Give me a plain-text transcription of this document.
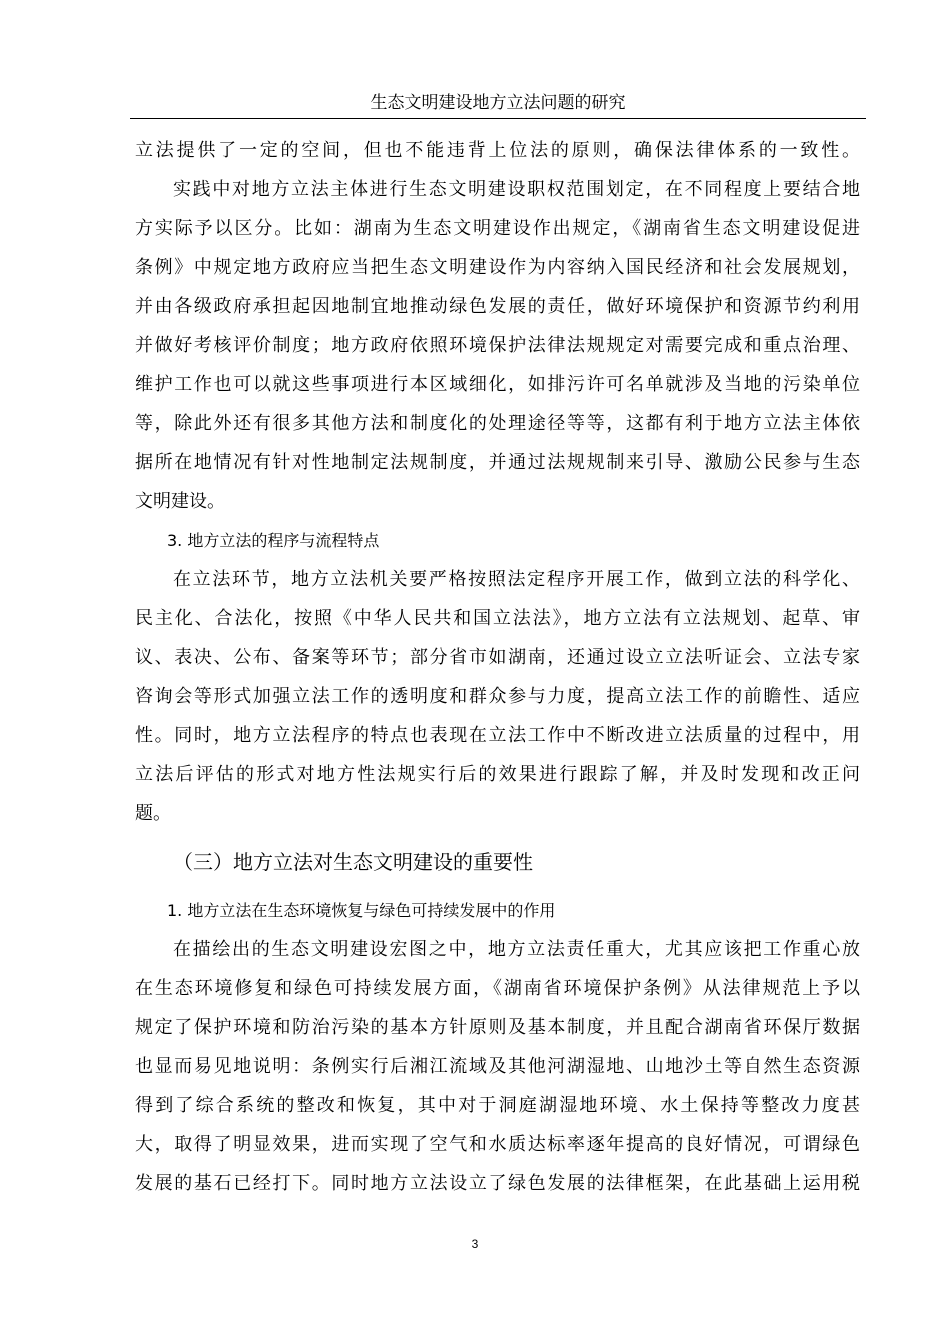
生态文明建设地方立法问题的研究
立法提供了一定的空间，但也不能违背上位法的原则，确保法律体系的一致性。
实践中对地方立法主体进行生态文明建设职权范围划定，在不同程度上要结合地
方实际予以区分。比如：湖南为生态文明建设作出规定，《湖南省生态文明建设促进
条例》中规定地方政府应当把生态文明建设作为内容纳入国民经济和社会发展规划，
并由各级政府承担起因地制宜地推动绿色发展的责任，做好环境保护和资源节约利用
并做好考核评价制度；地方政府依照环境保护法律法规规定对需要完成和重点治理、
维护工作也可以就这些事项进行本区域细化，如排污许可名单就涉及当地的污染单位
等，除此外还有很多其他方法和制度化的处理途径等等，这都有利于地方立法主体依
据所在地情况有针对性地制定法规制度，并通过法规规制来引导、激励公民参与生态
文明建设。
3. 地方立法的程序与流程特点
在立法环节，地方立法机关要严格按照法定程序开展工作，做到立法的科学化、
民主化、合法化，按照《中华人民共和国立法法》，地方立法有立法规划、起草、审
议、表决、公布、备案等环节；部分省市如湖南，还通过设立立法听证会、立法专家
咨询会等形式加强立法工作的透明度和群众参与力度，提高立法工作的前瞻性、适应
性。同时，地方立法程序的特点也表现在立法工作中不断改进立法质量的过程中，用
立法后评估的形式对地方性法规实行后的效果进行跟踪了解，并及时发现和改正问
题。
（三）地方立法对生态文明建设的重要性
1. 地方立法在生态环境恢复与绿色可持续发展中的作用
在描绘出的生态文明建设宏图之中，地方立法责任重大，尤其应该把工作重心放
在生态环境修复和绿色可持续发展方面，《湖南省环境保护条例》从法律规范上予以
规定了保护环境和防治污染的基本方针原则及基本制度，并且配合湖南省环保厅数据
也显而易见地说明：条例实行后湘江流域及其他河湖湿地、山地沙土等自然生态资源
得到了综合系统的整改和恢复，其中对于洞庭湖湿地环境、水土保持等整改力度甚
大，取得了明显效果，进而实现了空气和水质达标率逐年提高的良好情况，可谓绿色
发展的基石已经打下。同时地方立法设立了绿色发展的法律框架，在此基础上运用税
3
